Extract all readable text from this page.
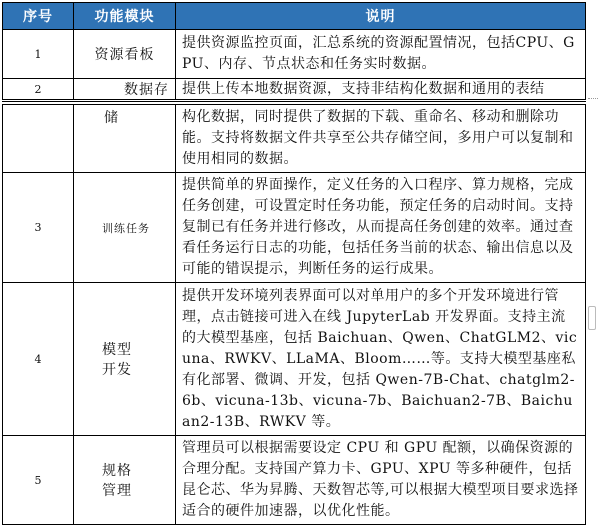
序号	功能模块	说明
1	资源看板	提供资源监控页面，汇总系统的资源配置情况，包括CPU、GPU、内存、节点状态和任务实时数据。
2	数据存	提供上传本地数据资源，支持非结构化数据和通用的表结

	储	构化数据，同时提供了数据的下载、重命名、移动和删除功能。支持将数据文件共享至公共存储空间，多用户可以复制和使用相同的数据。
3	训练任务	提供简单的界面操作，定义任务的入口程序、算力规格，完成任务创建，可设置定时任务功能，预定任务的启动时间。支持复制已有任务并进行修改，从而提高任务创建的效率。通过查看任务运行日志的功能，包括任务当前的状态、输出信息以及可能的错误提示，判断任务的运行成果。
4	模型开发	提供开发环境列表界面可以对单用户的多个开发环境进行管理，点击链接可进入在线 JupyterLab 开发界面。支持主流的大模型基座，包括 Baichuan、Qwen、ChatGLM2、vicuna、RWKV、LLaMA、Bloom……等。支持大模型基座私有化部署、微调、开发，包括 Qwen-7B-Chat、chatglm2-6b、vicuna-13b、vicuna-7b、Baichuan2-7B、Baichuan2-13B、RWKV 等。
5	规格管理	管理员可以根据需要设定 CPU 和 GPU 配额，以确保资源的合理分配。支持国产算力卡、GPU、XPU 等多种硬件，包括昆仑芯、华为昇腾、天数智芯等,可以根据大模型项目要求选择适合的硬件加速器，以优化性能。
